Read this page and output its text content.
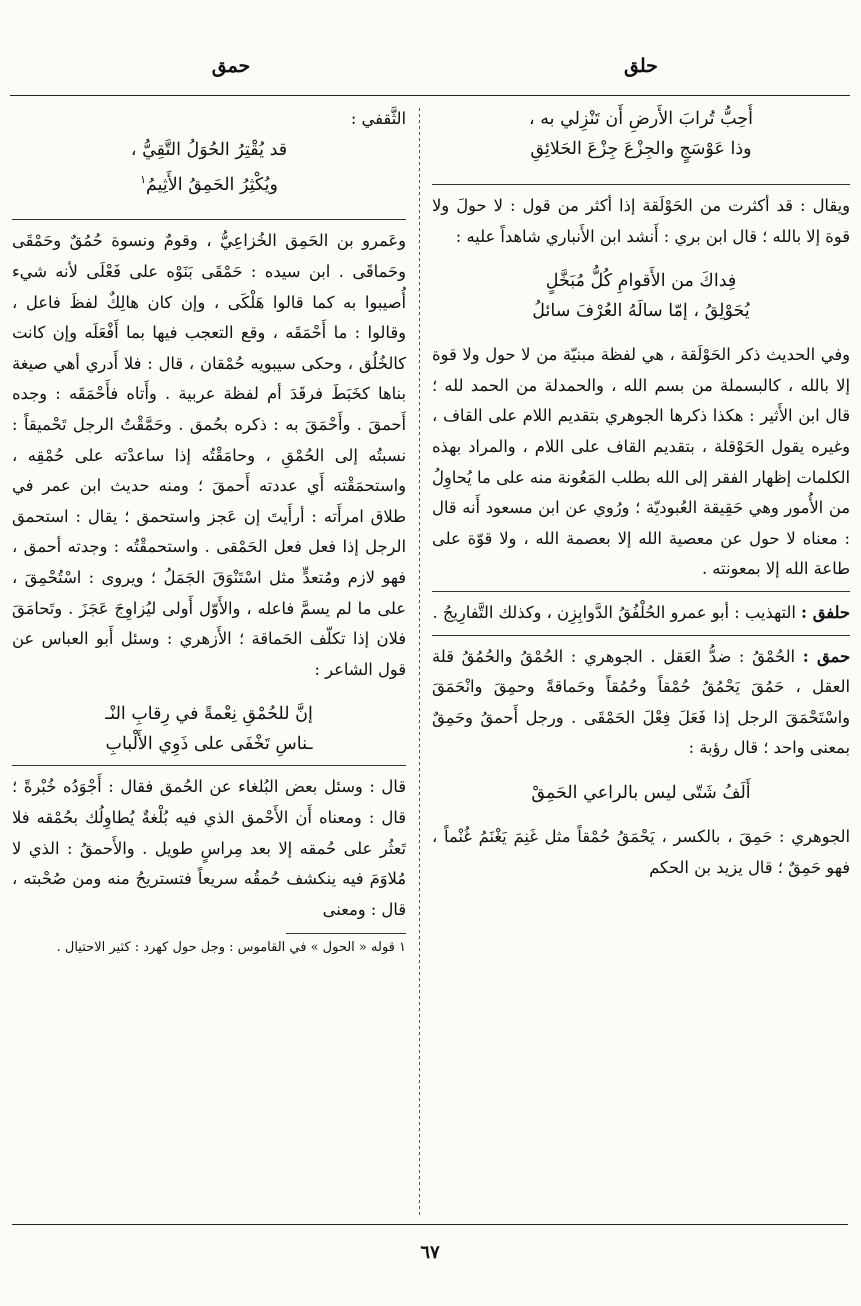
حلق
حمق

أُحِبُّ تُرابَ الأَرضِ أَن تَنْزِلي به ،

وذا عَوْسَجٍ والجِزْعَ جِزْعَ الحَلائِقِ

ويقال : قد أكثرت من الحَوْلَقة إذا أكثر من قول : لا حولَ ولا قوة إلا بالله ؛ قال ابن بري : أَنشد ابن الأَنباري شاهداً عليه :

فِداكَ من الأَقوامِ كُلُّ مُبَخَّلٍ

يُحَوْلِقُ ، إمّا سالَهُ العُرْفَ سائلُ

وفي الحديث ذكر الحَوْلَقة ، هي لفظة مبنيّة من لا حول ولا قوة إلا بالله ، كالبسملة من بسم الله ، والحمدلة من الحمد لله ؛ قال ابن الأَثير : هكذا ذكرها الجوهري بتقديم اللام على القاف ، وغيره يقول الحَوْقلة ، بتقديم القاف على اللام ، والمراد بهذه الكلمات إظهار الفقر إلى الله بطلب المَعُونة منه على ما يُحاوِلُ من الأُمور وهي حَقِيقة العُبوديّة ؛ ورُوي عن ابن مسعود أَنه قال : معناه لا حول عن معصية الله إلا بعصمة الله ، ولا قوّة على طاعة الله إلا بمعونته .

حلفق : التهذيب : أبو عمرو الحُلْفُقُ الدَّوابِزِن ، وكذلك التَّفارِيجُ .

حمق : الحُمْقُ : ضدُّ العَقل . الجوهري : الحُمْقُ والحُمُقُ قلة العقل ، حَمُقَ يَحْمُقُ حُمْقاً وحُمُقاً وحَماقةً وحمِقَ وانْحَمَقَ واسْتَحْمَقَ الرجل إذا فَعَلَ فِعْلَ الحَمْقَى . ورجل أَحمقُ وحَمِقٌ بمعنى واحد ؛ قال رؤبة :

أَلَفُ شَتّى ليس بالراعي الحَمِقْ

الجوهري : حَمِقَ ، بالكسر ، يَحْمَقُ حُمْقاً مثل غَنِمَ يَغْنَمُ غُنْماً ، فهو حَمِقٌ ؛ قال يزيد بن الحكم

الثَّقفي :

قد يُقْتِرُ الحُوَلُ التَّقِيُّ ،

ويُكْثِرُ الحَمِقُ الأَثِيمُ$^١$

وعَمرو بن الحَمِق الخُزاعِيُّ ، وقومٌ ونسوة حُمُقٌ وحَمْقَى وحَماقَى . ابن سيده : حَمْقَى بَنَوْه على فَعْلَى لأنه شيء أُصيبوا به كما قالوا هَلْكَى ، وإن كان هالِكٌ لفظَ فاعل ، وقالوا : ما أَحْمَقَه ، وقع التعجب فيها بما أَفْعَلَه وإن كانت كالخُلُق ، وحكى سيبويه حُمْقان ، قال : فلا أَدري أهي صيغة بناها كخَبَطَ فرقَدَ أم لفظة عربية . وأَتاه فأَحْمَقَه : وجده أَحمقَ . وأَحْمَقَ به : ذكره بحُمق . وحَمَّقْتُ الرجل تَحْميقاً : نسبتُه إلى الحُمْقِ ، وحامَقْتُه إذا ساعدْته على حُمْقِه ، واستحمَقْته أَي عددته أَحمقَ ؛ ومنه حديث ابن عمر في طلاق امرأَته : أرأَيتَ إن عَجز واستحمق ؛ يقال : استحمق الرجل إذا فعل فعل الحَمْقى . واستحمقْتُه : وجدته أحمق ، فهو لازم ومُتعدٍّ مثل اسْتَنْوَقَ الجَمَلُ ؛ ويروى : اسْتُحْمِقَ ، على ما لم يسمَّ فاعله ، والأَوّل أَولى ليُزاوِجَ عَجَزَ . وتَحامَقَ فلان إذا تكلّف الحَماقة ؛ الأَزهري : وسئل أَبو العباس عن قول الشاعر :

إنَّ للحُمْقِ نِعْمةً في رِقابِ النْـ

ـناسِ تَخْفَى على ذَوِي الأَلْبابِ

قال : وسئل بعض البُلغاء عن الحُمق فقال : أَجْوَدُه خُبْرةً ؛ قال : ومعناه أَن الأَحْمق الذي فيه بُلْغةٌ يُطاوِلُك بحُمْقه فلا تَعثُر على حُمقه إلا بعد مِراسٍ طويل . والأَحمقُ : الذي لا مُلاوَمَ فيه ينكشف حُمقُه سريعاً فتستريحُ منه ومن صُحْبته ، قال : ومعنى

١ قوله « الحول » في القاموس : وجل حول كهرد : كثير الاحتيال .

٦٧
